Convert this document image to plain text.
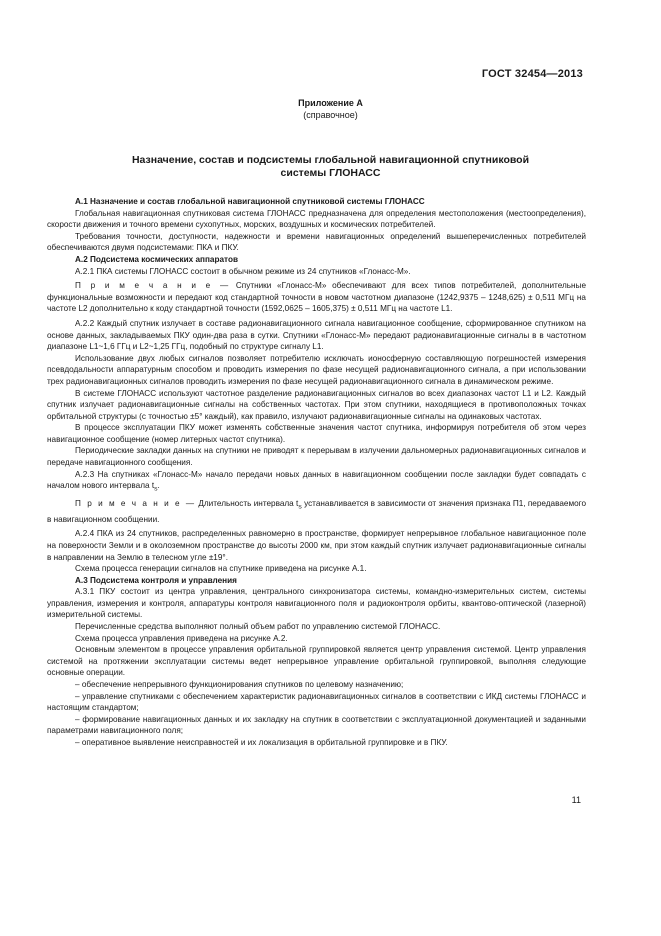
ГОСТ 32454—2013
Приложение А
(справочное)
Назначение, состав и подсистемы глобальной навигационной спутниковой
системы ГЛОНАСС

А.1 Назначение и состав глобальной навигационной спутниковой системы ГЛОНАСС

Глобальная навигационная спутниковая система ГЛОНАСС предназначена для определения местоположения (местоопределения), скорости движения и точного времени сухопутных, морских, воздушных и космических потребителей.

Требования точности, доступности, надежности и времени навигационных определений вышеперечисленных потребителей обеспечиваются двумя подсистемами: ПКА и ПКУ.

А.2 Подсистема космических аппаратов

А.2.1 ПКА системы ГЛОНАСС состоит в обычном режиме из 24 спутников «Глонасс-М».

П р и м е ч а н и е — Спутники «Глонасс-М» обеспечивают для всех типов потребителей, дополнительные функциональные возможности и передают код стандартной точности в новом частотном диапазоне (1242,9375 – 1248,625) ± 0,511 МГц на частоте L2 дополнительно к коду стандартной точности (1592,0625 – 1605,375) ± 0,511 МГц на частоте L1.

А.2.2 Каждый спутник излучает в составе радионавигационного сигнала навигационное сообщение, сформированное спутником на основе данных, закладываемых ПКУ один-два раза в сутки. Спутники «Глонасс-М» передают радионавигационные сигналы в в частотном диапазоне L1~1,6 ГГц и L2~1,25 ГГц, подобный по структуре сигналу L1.

Использование двух любых сигналов позволяет потребителю исключать ионосферную составляющую погрешностей измерения псевдодальности аппаратурным способом и проводить измерения по фазе несущей радионавигационного сигнала, а при использовании трех радионавигационных сигналов проводить измерения по фазе несущей радионавигационного сигнала в динамическом режиме.

В системе ГЛОНАСС используют частотное разделение радионавигационных сигналов во всех диапазонах частот L1 и L2. Каждый спутник излучает радионавигационные сигналы на собственных частотах. При этом спутники, находящиеся в противоположных точках орбитальной структуры (с точностью ±5° каждый), как правило, излучают радионавигационные сигналы на одинаковых частотах.

В процессе эксплуатации ПКУ может изменять собственные значения частот спутника, информируя потребителя об этом через навигационное сообщение (номер литерных частот спутника).

Периодические закладки данных на спутники не приводят к перерывам в излучении дальномерных радионавигационных сигналов и передаче навигационного сообщения.

А.2.3 На спутниках «Глонасс-М» начало передачи новых данных в навигационном сообщении после закладки будет совпадать с началом нового интервала $t_s$.

П р и м е ч а н и е — Длительность интервала $t_s$ устанавливается в зависимости от значения признака П1, передаваемого в навигационном сообщении.

А.2.4 ПКА из 24 спутников, распределенных равномерно в пространстве, формирует непрерывное глобальное навигационное поле на поверхности Земли и в околоземном пространстве до высоты 2000 км, при этом каждый спутник излучает радионавигационные сигналы в направлении на Землю в телесном угле ±19°.

Схема процесса генерации сигналов на спутнике приведена на рисунке А.1.

А.3 Подсистема контроля и управления

А.3.1 ПКУ состоит из центра управления, центрального синхронизатора системы, командно-измерительных систем, системы управления, измерения и контроля, аппаратуры контроля навигационного поля и радиоконтроля орбиты, квантово-оптической (лазерной) измерительной системы.

Перечисленные средства выполняют полный объем работ по управлению системой ГЛОНАСС.

Схема процесса управления приведена на рисунке А.2.

Основным элементом в процессе управления орбитальной группировкой является центр управления системой. Центр управления системой на протяжении эксплуатации системы ведет непрерывное управление орбитальной группировкой, выполняя следующие основные операции.

– обеспечение непрерывного функционирования спутников по целевому назначению;

– управление спутниками с обеспечением характеристик радионавигационных сигналов в соответствии с ИКД системы ГЛОНАСС и настоящим стандартом;

– формирование навигационных данных и их закладку на спутник в соответствии с эксплуатационной документацией и заданными параметрами навигационного поля;

– оперативное выявление неисправностей и их локализация в орбитальной группировке и в ПКУ.

11
